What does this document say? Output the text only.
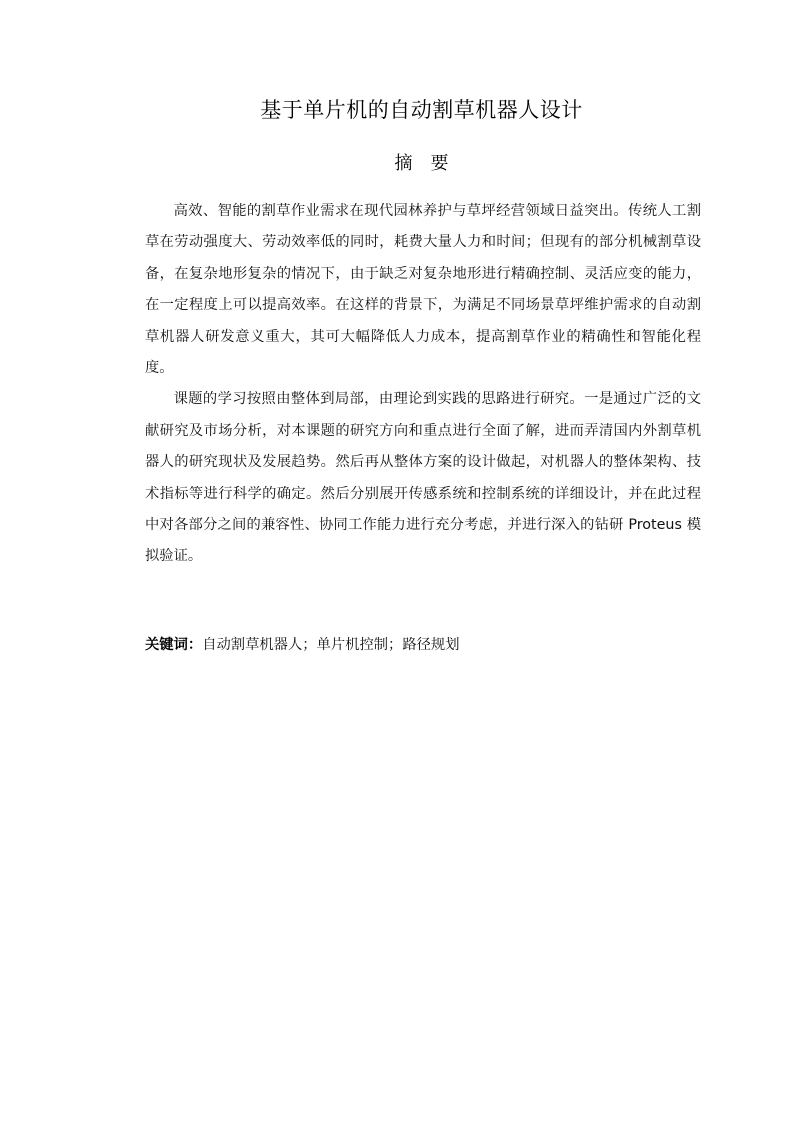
基于单片机的自动割草机器人设计
摘 要

高效、智能的割草作业需求在现代园林养护与草坪经营领域日益突出。传统人工割草在劳动强度大、劳动效率低的同时，耗费大量人力和时间；但现有的部分机械割草设备，在复杂地形复杂的情况下，由于缺乏对复杂地形进行精确控制、灵活应变的能力，在一定程度上可以提高效率。在这样的背景下，为满足不同场景草坪维护需求的自动割草机器人研发意义重大，其可大幅降低人力成本，提高割草作业的精确性和智能化程度。

课题的学习按照由整体到局部，由理论到实践的思路进行研究。一是通过广泛的文献研究及市场分析，对本课题的研究方向和重点进行全面了解，进而弄清国内外割草机器人的研究现状及发展趋势。然后再从整体方案的设计做起，对机器人的整体架构、技术指标等进行科学的确定。然后分别展开传感系统和控制系统的详细设计，并在此过程中对各部分之间的兼容性、协同工作能力进行充分考虑，并进行深入的钻研 Proteus 模拟验证。

关键词：自动割草机器人；单片机控制；路径规划
